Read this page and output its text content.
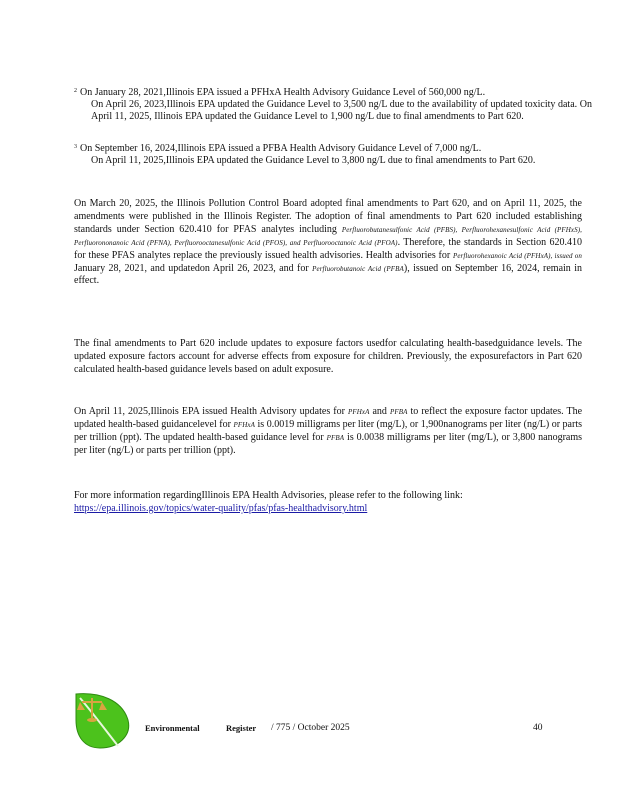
2 On January 28, 2021,Illinois EPA issued a PFHxA Health Advisory Guidance Level of 560,000 ng/L.
On April 26, 2023,Illinois EPA updated the Guidance Level to 3,500 ng/L due to the availability of updated toxicity data. On April 11, 2025, Illinois EPA updated the Guidance Level to 1,900 ng/L due to final amendments to Part 620.
3 On September 16, 2024,Illinois EPA issued a PFBA Health Advisory Guidance Level of 7,000 ng/L.
On April 11, 2025,Illinois EPA updated the Guidance Level to 3,800 ng/L due to final amendments to Part 620.
On March 20, 2025, the Illinois Pollution Control Board adopted final amendments to Part 620, and on April 11, 2025, the amendments were published in the Illinois Register. The adoption of final amendments to Part 620 included establishing standards under Section 620.410 for PFAS analytes including Perfluorobutanesulfonic Acid (PFBS), Perfluorohexanesulfonic Acid (PFHxS), Perfluorononanoic Acid (PFNA), Perfluorooctanesulfonic Acid (PFOS), and Perfluorooctanoic Acid (PFOA). Therefore, the standards in Section 620.410 for these PFAS analytes replace the previously issued health advisories. Health advisories for Perfluorohexanoic Acid (PFHxA), issued on January 28, 2021, and updatedon April 26, 2023, and for Perfluorobutanoic Acid (PFBA), issued on September 16, 2024, remain in effect.
The final amendments to Part 620 include updates to exposure factors usedfor calculating health-basedguidance levels. The updated exposure factors account for adverse effects from exposure for children. Previously, the exposurefactors in Part 620 calculated health-based guidance levels based on adult exposure.
On April 11, 2025,Illinois EPA issued Health Advisory updates for PFHxA and PFBA to reflect the exposure factor updates. The updated health-based guidancelevel for PFHxA is 0.0019 milligrams per liter (mg/L), or 1,900nanograms per liter (ng/L) or parts per trillion (ppt). The updated health-based guidance level for PFBA is 0.0038 milligrams per liter (mg/L), or 3,800 nanograms per liter (ng/L) or parts per trillion (ppt).
For more information regardingIllinois EPA Health Advisories, please refer to the following link:
https://epa.illinois.gov/topics/water-quality/pfas/pfas-healthadvisory.html
Environmental	Register / 775 / October 2025	40
